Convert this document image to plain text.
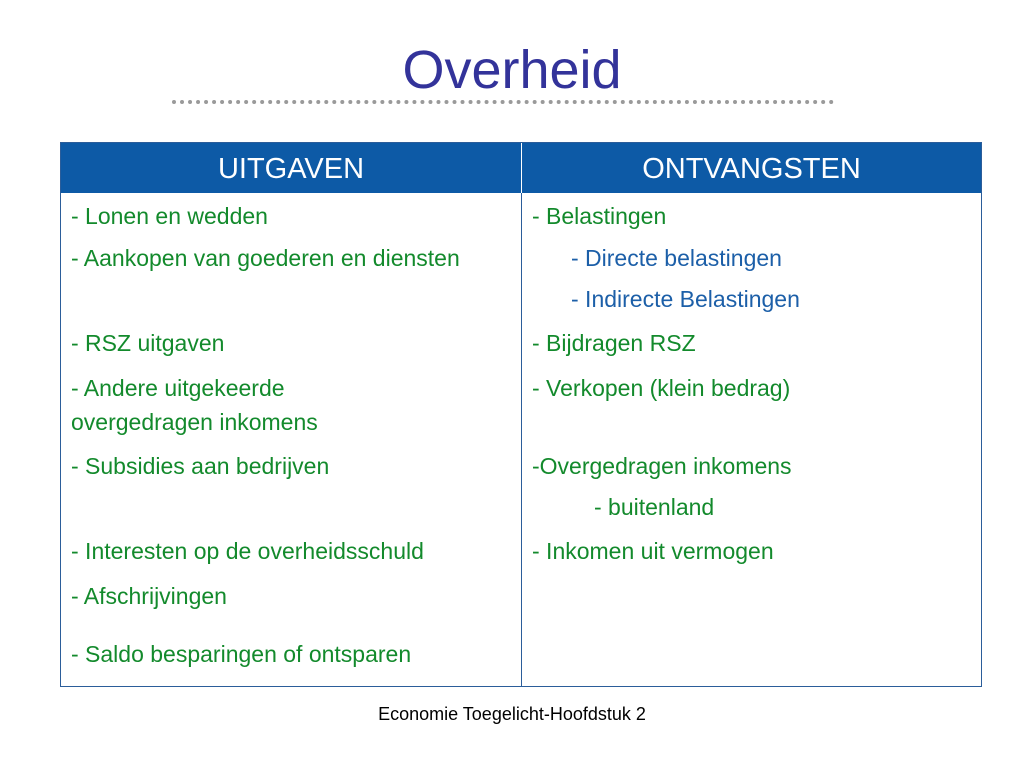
Overheid
UITGAVEN	ONTVANGSTEN
- Lonen en wedden
- Aankopen van goederen en diensten
- RSZ uitgaven
- Andere uitgekeerde overgedragen inkomens
- Subsidies aan bedrijven
- Interesten op de overheidsschuld
- Afschrijvingen
- Saldo besparingen of ontsparen
- Belastingen
- Directe belastingen
- Indirecte Belastingen
- Bijdragen RSZ
- Verkopen (klein bedrag)
-Overgedragen inkomens
- buitenland
- Inkomen uit vermogen
Economie Toegelicht-Hoofdstuk 2
